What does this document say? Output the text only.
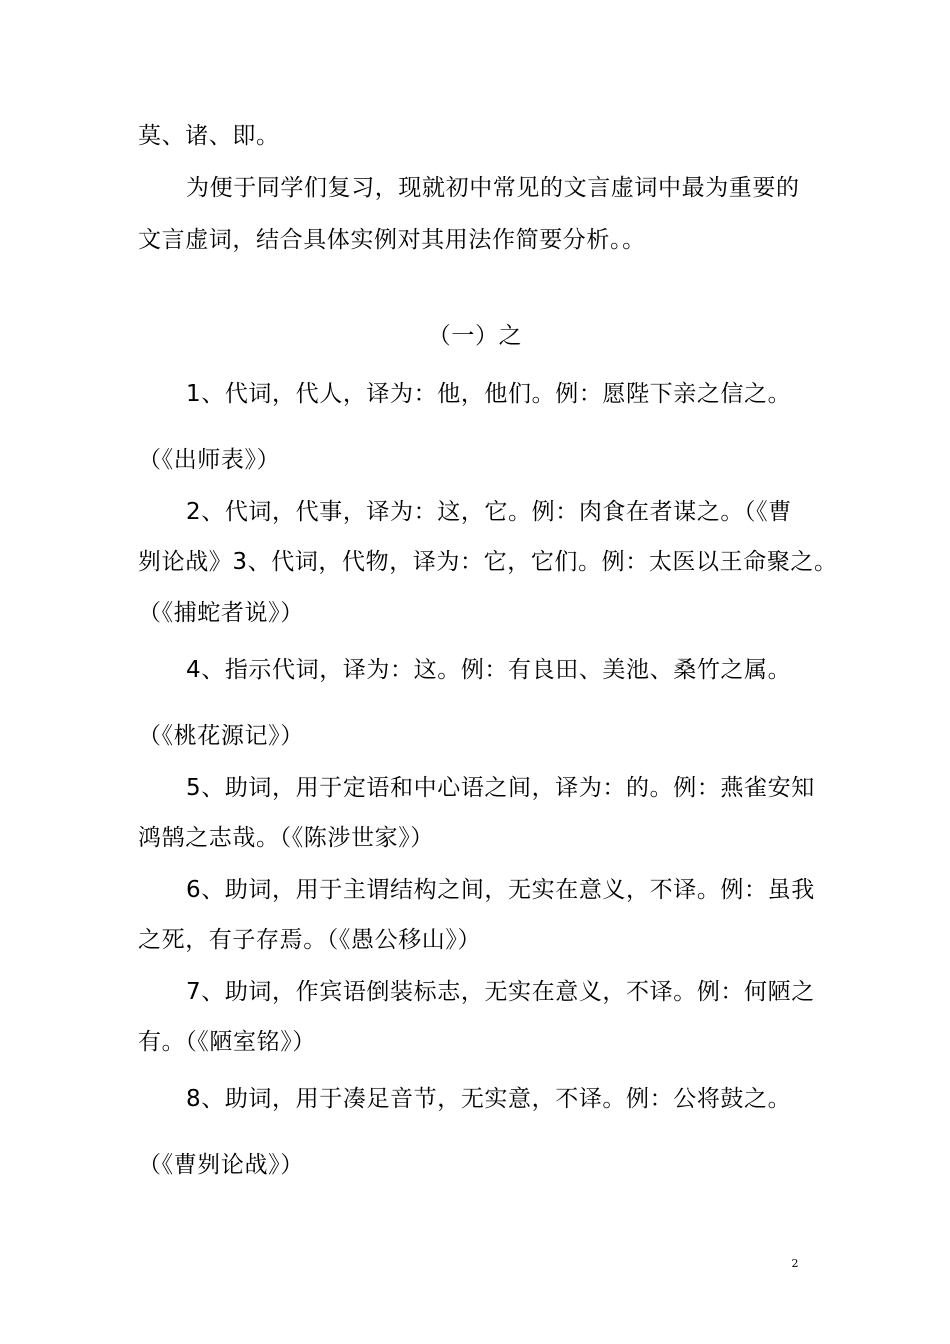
莫、诸、即。
为便于同学们复习，现就初中常见的文言虚词中最为重要的
文言虚词，结合具体实例对其用法作简要分析。。
（一）之
1、代词，代人，译为：他，他们。例：愿陛下亲之信之。
（《出师表》）
2、代词，代事，译为：这，它。例：肉食在者谋之。（《曹
刿论战》3、代词，代物，译为：它，它们。例：太医以王命聚之。
（《捕蛇者说》）
4、指示代词，译为：这。例：有良田、美池、桑竹之属。
（《桃花源记》）
5、助词，用于定语和中心语之间，译为：的。例：燕雀安知
鸿鹄之志哉。（《陈涉世家》）
6、助词，用于主谓结构之间，无实在意义，不译。例：虽我
之死，有子存焉。（《愚公移山》）
7、助词，作宾语倒装标志，无实在意义，不译。例：何陋之
有。（《陋室铭》）
8、助词，用于凑足音节，无实意，不译。例：公将鼓之。
（《曹刿论战》）
2
